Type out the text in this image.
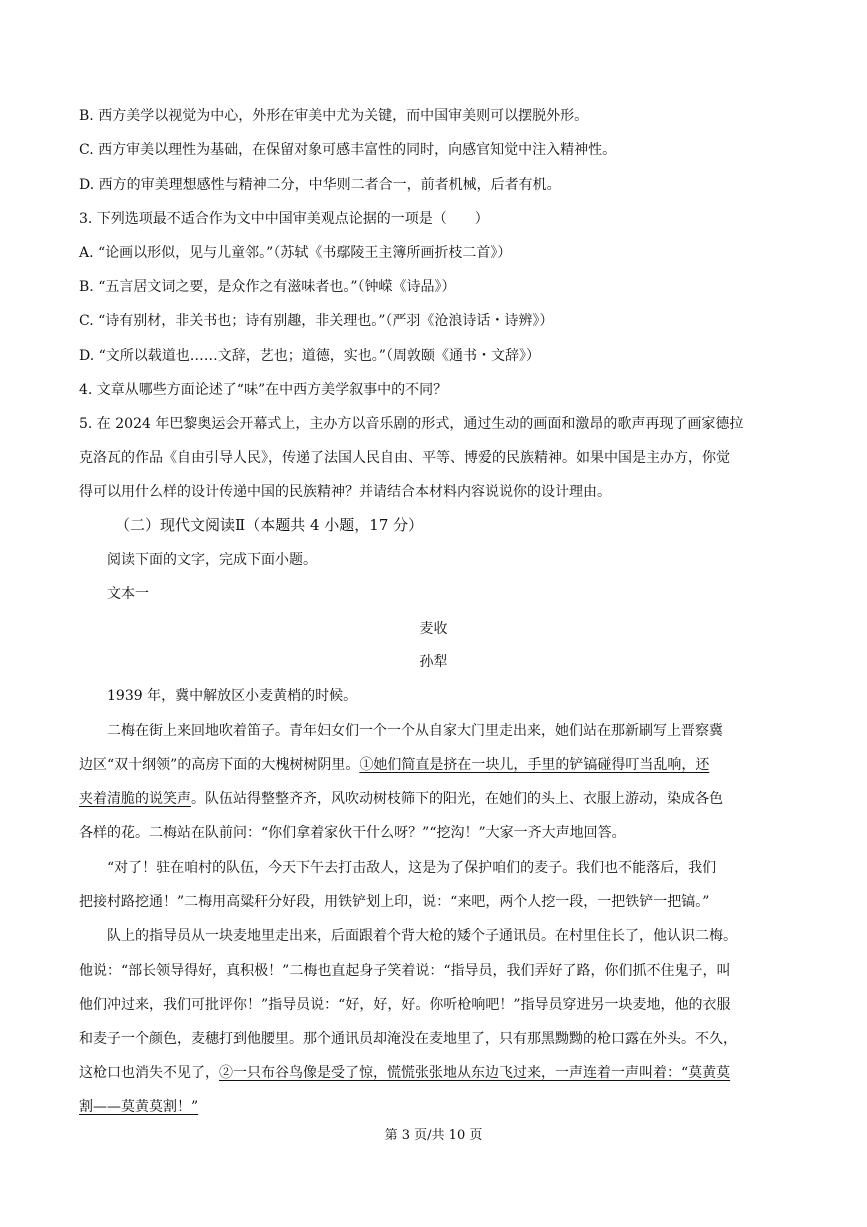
B. 西方美学以视觉为中心，外形在审美中尤为关键，而中国审美则可以摆脱外形。
C. 西方审美以理性为基础，在保留对象可感丰富性的同时，向感官知觉中注入精神性。
D. 西方的审美理想感性与精神二分，中华则二者合一，前者机械，后者有机。
3. 下列选项最不适合作为文中中国审美观点论据的一项是（　　）
A. “论画以形似，见与儿童邻。”（苏轼《书鄢陵王主簿所画折枝二首》）
B. “五言居文词之要，是众作之有滋味者也。”（钟嵘《诗品》）
C. “诗有别材，非关书也；诗有别趣，非关理也。”（严羽《沧浪诗话・诗辨》）
D. “文所以载道也……文辞，艺也；道德，实也。”（周敦颐《通书・文辞》）
4. 文章从哪些方面论述了“味”在中西方美学叙事中的不同？
5. 在 2024 年巴黎奥运会开幕式上，主办方以音乐剧的形式，通过生动的画面和激昂的歌声再现了画家德拉
克洛瓦的作品《自由引导人民》，传递了法国人民自由、平等、博爱的民族精神。如果中国是主办方，你觉
得可以用什么样的设计传递中国的民族精神？并请结合本材料内容说说你的设计理由。
（二）现代文阅读Ⅱ（本题共 4 小题，17 分）
阅读下面的文字，完成下面小题。
文本一
麦收
孙犁
1939 年，冀中解放区小麦黄梢的时候。
二梅在街上来回地吹着笛子。青年妇女们一个一个从自家大门里走出来，她们站在那新刷写上晋察冀
边区“双十纲领”的高房下面的大槐树树阴里。①她们简直是挤在一块儿，手里的铲镐碰得叮当乱响，还
夹着清脆的说笑声。队伍站得整整齐齐，风吹动树枝筛下的阳光，在她们的头上、衣服上游动，染成各色
各样的花。二梅站在队前问：“你们拿着家伙干什么呀？”“挖沟！”大家一齐大声地回答。
“对了！驻在咱村的队伍，今天下午去打击敌人，这是为了保护咱们的麦子。我们也不能落后，我们
把接村路挖通！”二梅用高粱秆分好段，用铁铲划上印，说：“来吧，两个人挖一段，一把铁铲一把镐。”
队上的指导员从一块麦地里走出来，后面跟着个背大枪的矮个子通讯员。在村里住长了，他认识二梅。
他说：“部长领导得好，真积极！”二梅也直起身子笑着说：“指导员，我们弄好了路，你们抓不住鬼子，叫
他们冲过来，我们可批评你！”指导员说：“好，好，好。你听枪响吧！”指导员穿进另一块麦地，他的衣服
和麦子一个颜色，麦穗打到他腰里。那个通讯员却淹没在麦地里了，只有那黑黝黝的枪口露在外头。不久，
这枪口也消失不见了，②一只布谷鸟像是受了惊，慌慌张张地从东边飞过来，一声连着一声叫着：“莫黄莫
割——莫黄莫割！”
第 3 页/共 10 页
